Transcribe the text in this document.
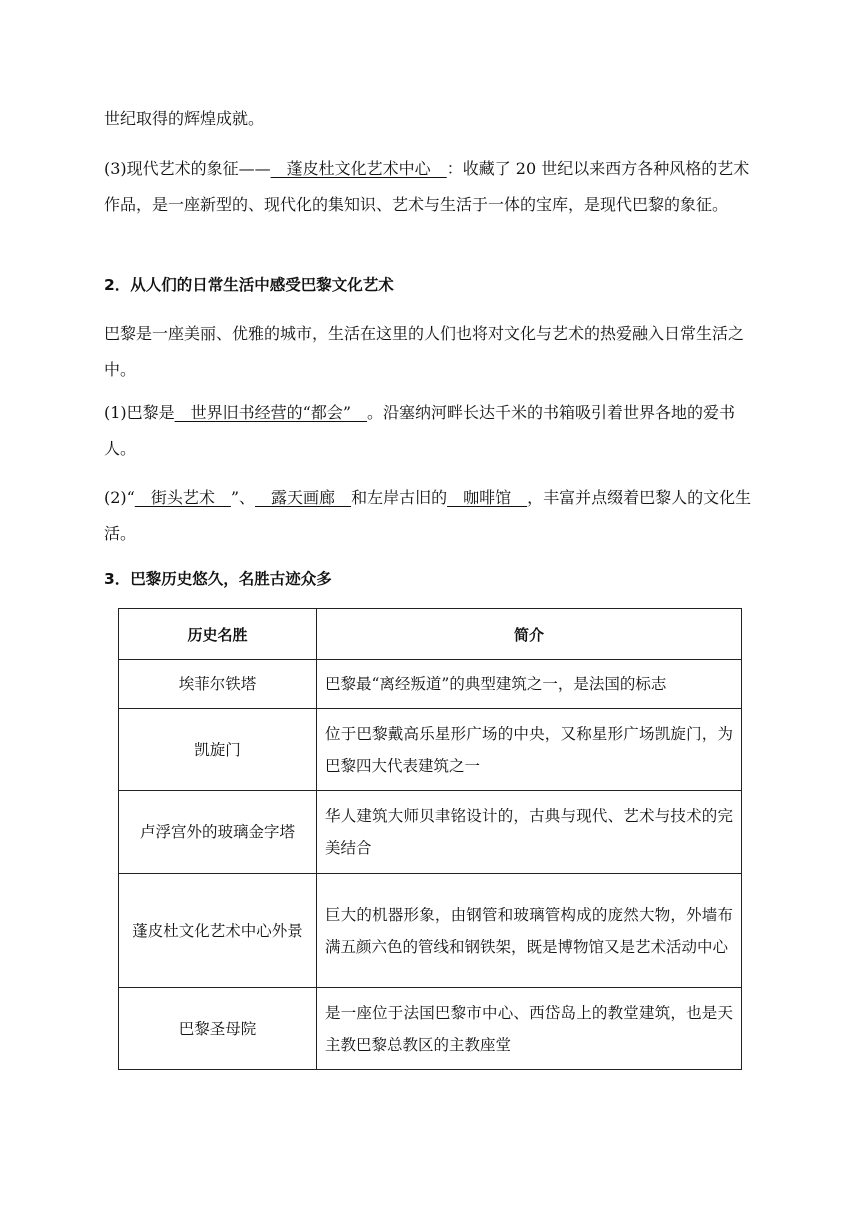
世纪取得的辉煌成就。

(3)现代艺术的象征——__蓬皮杜文化艺术中心__：收藏了 20 世纪以来西方各种风格的艺术作品，是一座新型的、现代化的集知识、艺术与生活于一体的宝库，是现代巴黎的象征。

2．从人们的日常生活中感受巴黎文化艺术

巴黎是一座美丽、优雅的城市，生活在这里的人们也将对文化与艺术的热爱融入日常生活之中。

(1)巴黎是__世界旧书经营的“都会”__。沿塞纳河畔长达千米的书箱吸引着世界各地的爱书人。

(2)“__街头艺术__”、__露天画廊__和左岸古旧的__咖啡馆__，丰富并点缀着巴黎人的文化生活。

3．巴黎历史悠久，名胜古迹众多

历史名胜	简介
埃菲尔铁塔	巴黎最“离经叛道”的典型建筑之一，是法国的标志
凯旋门	位于巴黎戴高乐星形广场的中央，又称星形广场凯旋门，为巴黎四大代表建筑之一
卢浮宫外的玻璃金字塔	华人建筑大师贝聿铭设计的，古典与现代、艺术与技术的完美结合
蓬皮杜文化艺术中心外景	巨大的机器形象，由钢管和玻璃管构成的庞然大物，外墙布满五颜六色的管线和钢铁架，既是博物馆又是艺术活动中心
巴黎圣母院	是一座位于法国巴黎市中心、西岱岛上的教堂建筑，也是天主教巴黎总教区的主教座堂
